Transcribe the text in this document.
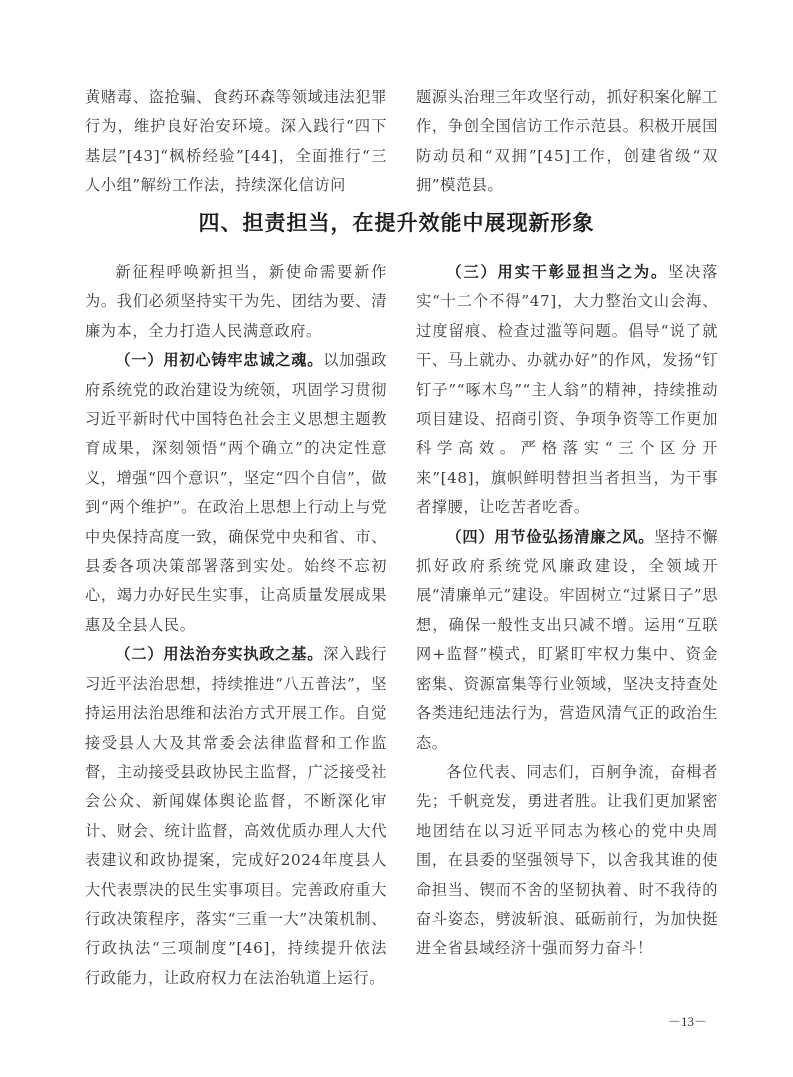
黄赌毒、盗抢骗、食药环森等领域违法犯罪行为，维护良好治安环境。深入践行“四下基层”[43]“枫桥经验”[44]，全面推行“三人小组”解纷工作法，持续深化信访问

题源头治理三年攻坚行动，抓好积案化解工作，争创全国信访工作示范县。积极开展国防动员和“双拥”[45]工作，创建省级“双拥”模范县。

四、担责担当，在提升效能中展现新形象

新征程呼唤新担当，新使命需要新作为。我们必须坚持实干为先、团结为要、清廉为本，全力打造人民满意政府。

（一）用初心铸牢忠诚之魂。以加强政府系统党的政治建设为统领，巩固学习贯彻习近平新时代中国特色社会主义思想主题教育成果，深刻领悟“两个确立”的决定性意义，增强“四个意识”，坚定“四个自信”，做到“两个维护”。在政治上思想上行动上与党中央保持高度一致，确保党中央和省、市、县委各项决策部署落到实处。始终不忘初心，竭力办好民生实事，让高质量发展成果惠及全县人民。

（二）用法治夯实执政之基。深入践行习近平法治思想，持续推进“八五普法”，坚持运用法治思维和法治方式开展工作。自觉接受县人大及其常委会法律监督和工作监督，主动接受县政协民主监督，广泛接受社会公众、新闻媒体舆论监督，不断深化审计、财会、统计监督，高效优质办理人大代表建议和政协提案，完成好2024年度县人大代表票决的民生实事项目。完善政府重大行政决策程序，落实“三重一大”决策机制、行政执法“三项制度”[46]，持续提升依法行政能力，让政府权力在法治轨道上运行。

（三）用实干彰显担当之为。坚决落实“十二个不得”47]，大力整治文山会海、过度留痕、检查过滥等问题。倡导“说了就干、马上就办、办就办好”的作风，发扬“钉钉子”“啄木鸟”“主人翁”的精神，持续推动项目建设、招商引资、争项争资等工作更加科学高效。严格落实“三个区分开来”[48]，旗帜鲜明替担当者担当，为干事者撑腰，让吃苦者吃香。

（四）用节俭弘扬清廉之风。坚持不懈抓好政府系统党风廉政建设，全领域开展“清廉单元”建设。牢固树立“过紧日子”思想，确保一般性支出只减不增。运用“互联网+监督”模式，盯紧盯牢权力集中、资金密集、资源富集等行业领域，坚决支持查处各类违纪违法行为，营造风清气正的政治生态。

各位代表、同志们，百舸争流，奋楫者先；千帆竞发，勇进者胜。让我们更加紧密地团结在以习近平同志为核心的党中央周围，在县委的坚强领导下，以舍我其谁的使命担当、锲而不舍的坚韧执着、时不我待的奋斗姿态，劈波斩浪、砥砺前行，为加快挺进全省县域经济十强而努力奋斗！

－13－
